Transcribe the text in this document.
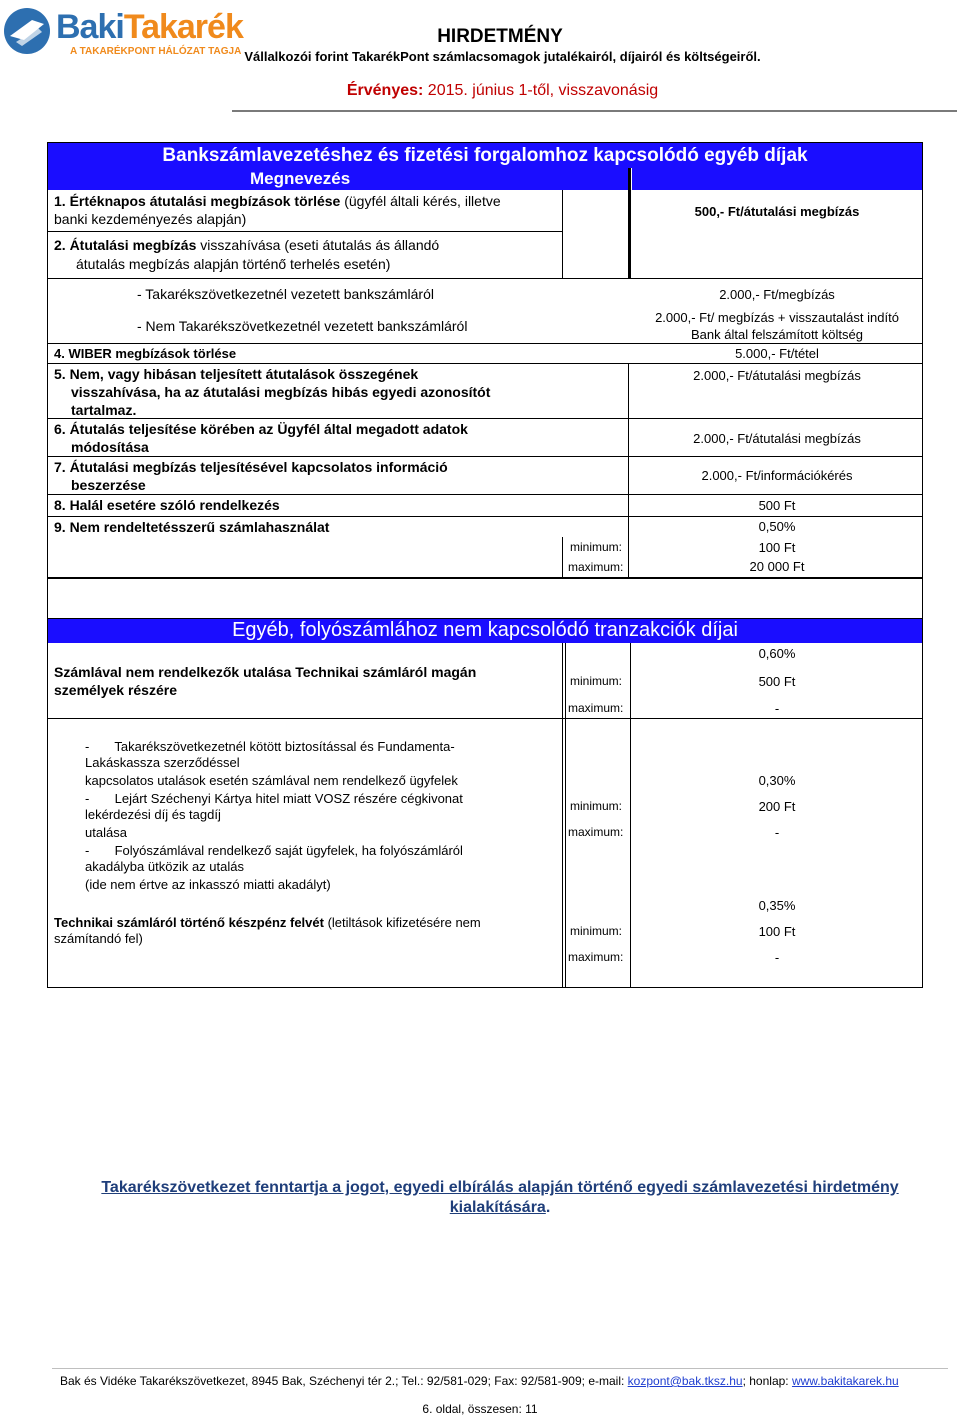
BakiTakarék
A TAKARÉKPONT HÁLÓZAT TAGJA
HIRDETMÉNY
Vállalkozói forint TakarékPont számlacsomagok jutalékairól, díjairól és költségeiről.
Érvényes: 2015. június 1-től, visszavonásig
Bankszámlavezetéshez és fizetési forgalomhoz kapcsolódó egyéb díjak
Megnevezés
1. Értéknapos átutalási megbízások törlése (ügyfél általi kérés, illetve
banki kezdeményezés alapján)	500,- Ft/átutalási megbízás
2. Átutalási megbízás visszahívása (eseti átutalás ás állandó
átutalás megbízás alapján történő terhelés esetén)
- Takarékszövetkezetnél vezetett bankszámláról	2.000,- Ft/megbízás
- Nem Takarékszövetkezetnél vezetett bankszámláról
2.000,- Ft/ megbízás + visszautalást indító
Bank által felszámított költség
4. WIBER megbízások törlése	5.000,- Ft/tétel
5. Nem, vagy hibásan teljesített átutalások összegének
visszahívása, ha az átutalási megbízás hibás egyedi azonosítót
tartalmaz.
2.000,- Ft/átutalási megbízás
6. Átutalás teljesítése körében az Ügyfél által megadott adatok
módosítása
2.000,- Ft/átutalási megbízás
7. Átutalási megbízás teljesítésével kapcsolatos információ
beszerzése
2.000,- Ft/információkérés
8. Halál esetére szóló rendelkezés	500 Ft
9. Nem rendeltetésszerű számlahasználat	0,50%
minimum:	100 Ft
maximum:	20 000 Ft
Egyéb, folyószámlához nem kapcsolódó tranzakciók díjai
Számlával nem rendelkezők utalása Technikai számláról magán
személyek részére
0,60%
minimum:	500 Ft
maximum:	-
-       Takarékszövetkezetnél kötött biztosítással és Fundamenta-
Lakáskassza szerződéssel
kapcsolatos utalások esetén számlával nem rendelkező ügyfelek
-       Lejárt Széchenyi Kártya hitel miatt VOSZ részére cégkivonat
lekérdezési díj és tagdíj
utalása
-       Folyószámlával rendelkező saját ügyfelek, ha folyószámláról
akadályba ütközik az utalás
(ide nem értve az inkasszó miatti akadályt)
0,30%
minimum:	200 Ft
maximum:	-
Technikai számláról történő készpénz felvét (letiltások kifizetésére nem
számítandó fel)
0,35%
minimum:	100 Ft
maximum:	-
Takarékszövetkezet fenntartja a jogot, egyedi elbírálás alapján történő egyedi számlavezetési hirdetmény
kialakítására.
Bak és Vidéke Takarékszövetkezet, 8945 Bak, Széchenyi tér 2.; Tel.: 92/581-029; Fax: 92/581-909; e-mail: kozpont@bak.tksz.hu; honlap: www.bakitakarek.hu
6. oldal, összesen: 11
